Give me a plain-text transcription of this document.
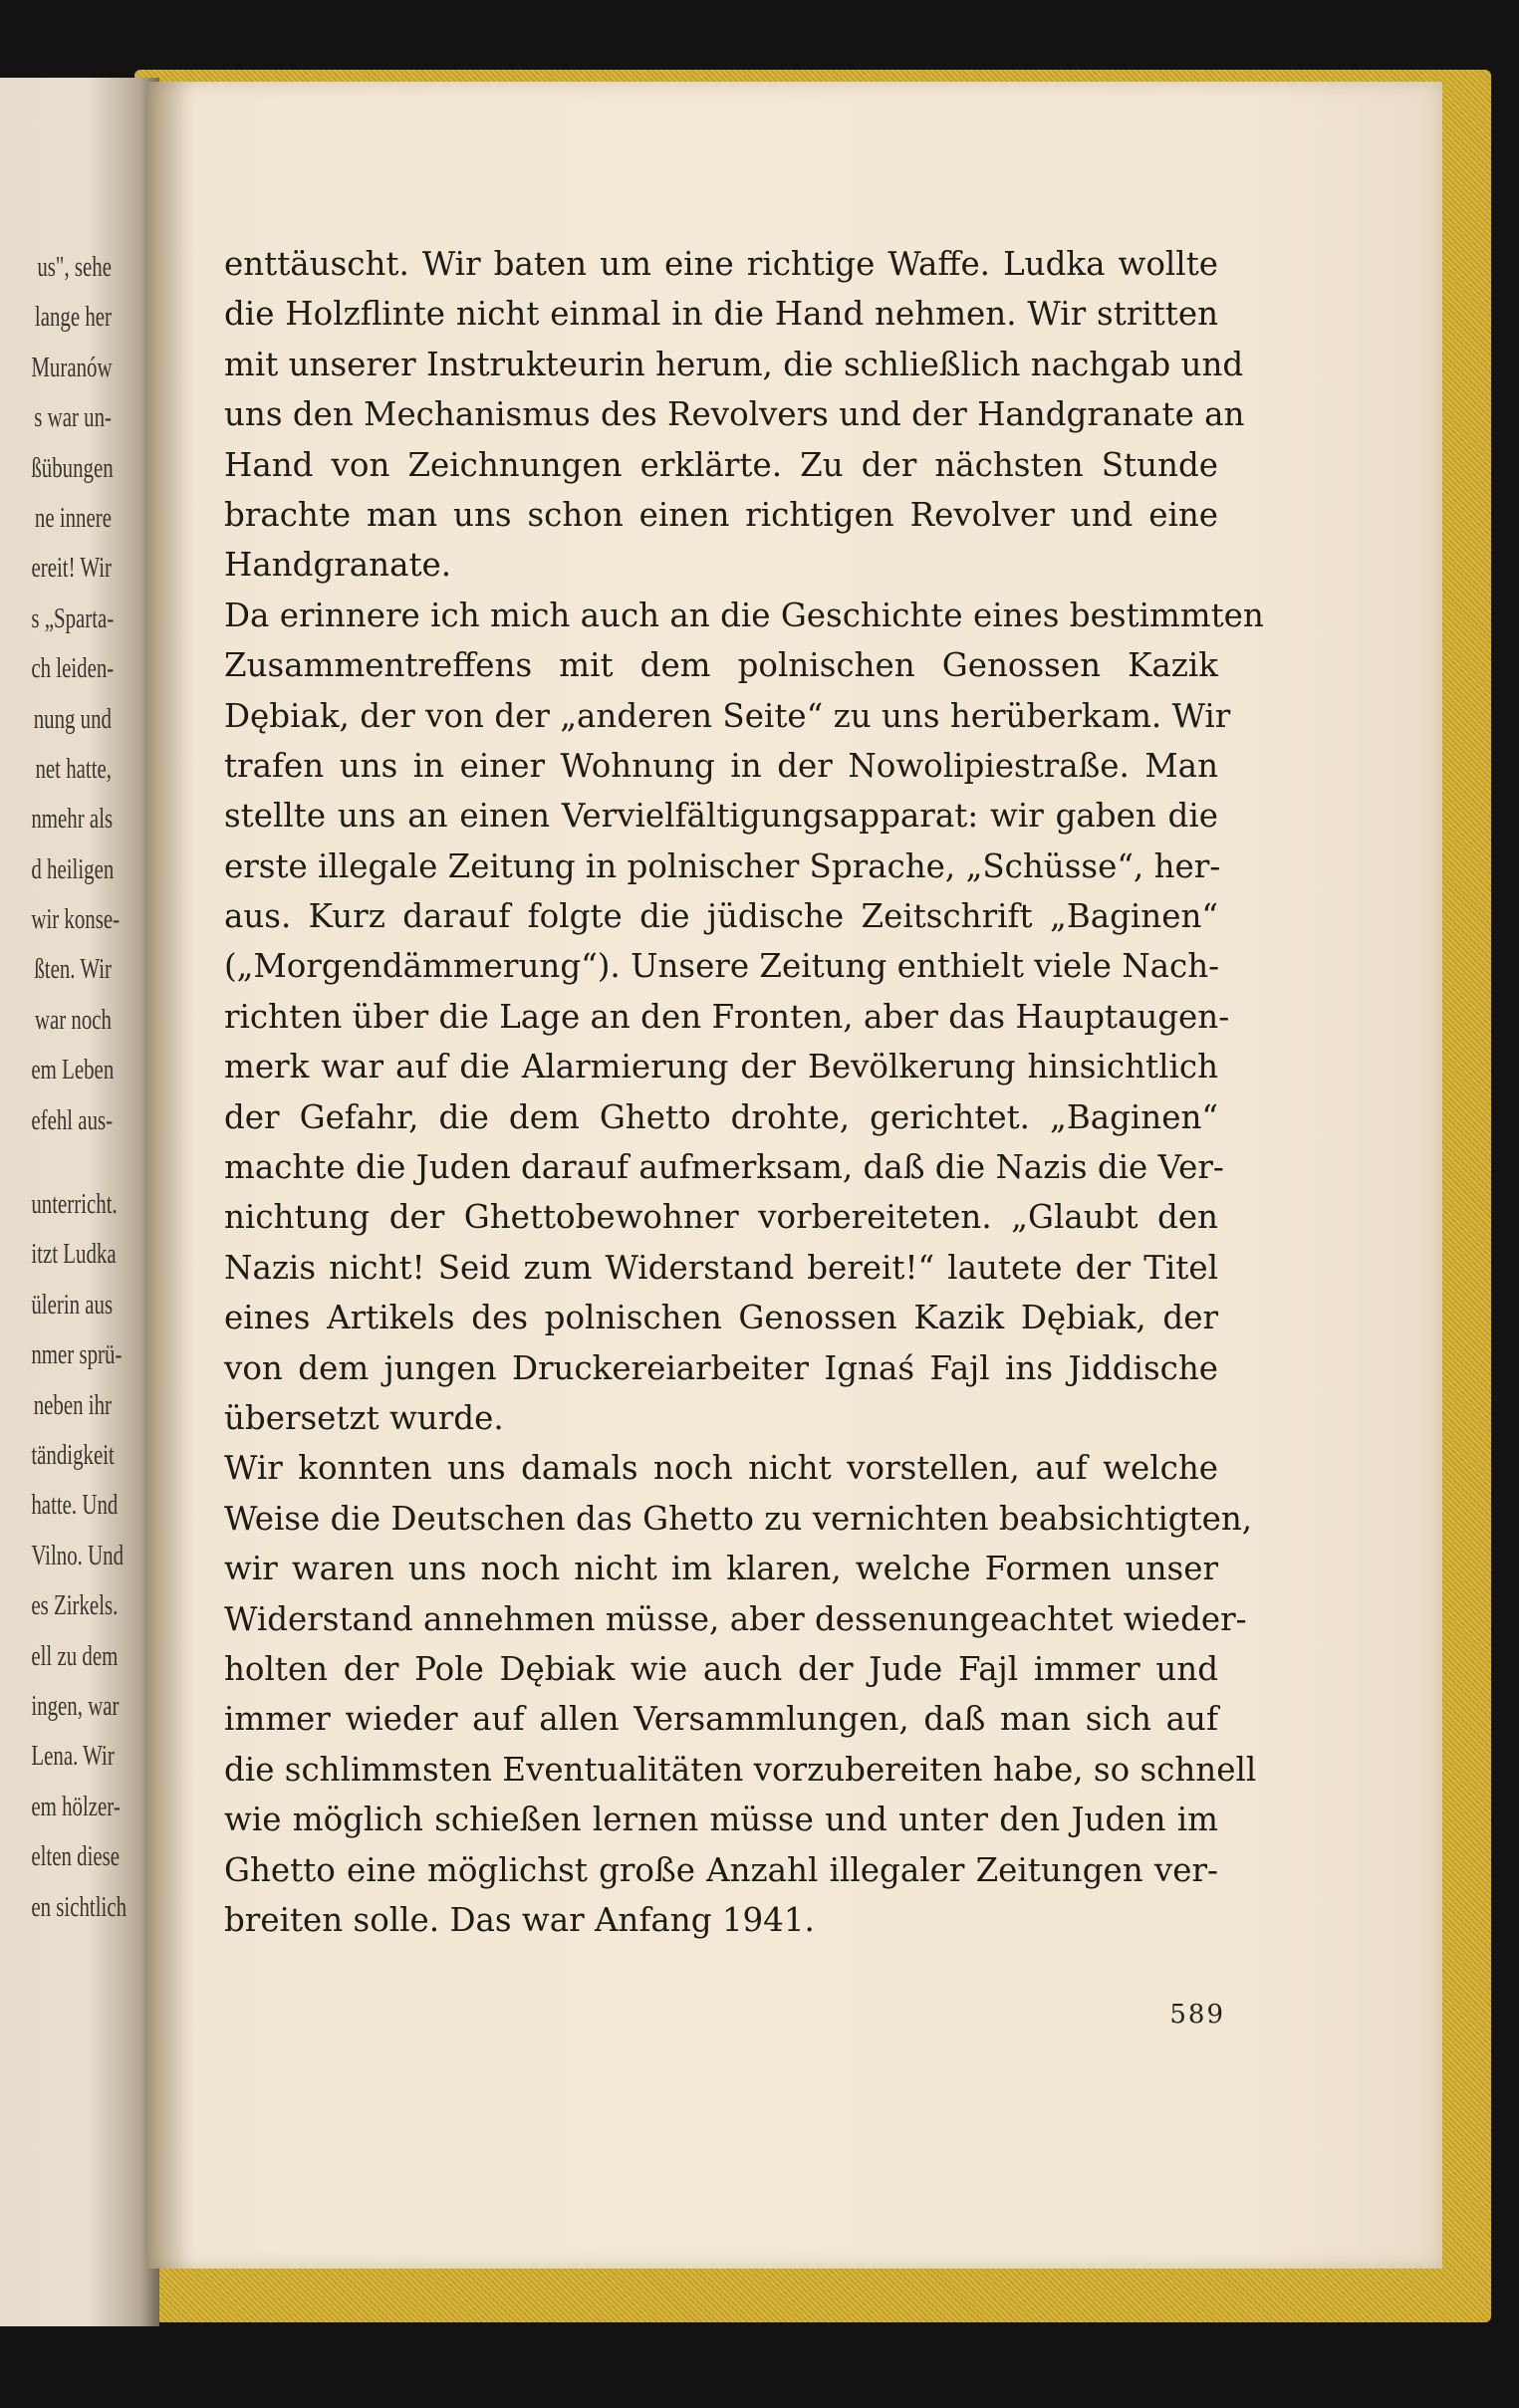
us", sehe
lange her
Muranów
s war un-
ßübungen
ne innere
ereit! Wir
s „Sparta-
ch leiden-
nung und
net hatte,
nmehr als
d heiligen
wir konse-
ßten. Wir
war noch
em Leben
efehl aus-
unterricht.
itzt Ludka
ülerin aus
nmer sprü-
neben ihr
tändigkeit
hatte. Und
Vilno. Und
es Zirkels.
ell zu dem
ingen, war
Lena. Wir
em hölzer-
elten diese
en sichtlich
enttäuscht. Wir baten um eine richtige Waffe. Ludka wollte
die Holzflinte nicht einmal in die Hand nehmen. Wir stritten
mit unserer Instrukteurin herum, die schließlich nachgab und
uns den Mechanismus des Revolvers und der Handgranate an
Hand von Zeichnungen erklärte. Zu der nächsten Stunde
brachte man uns schon einen richtigen Revolver und eine
Handgranate.
Da erinnere ich mich auch an die Geschichte eines bestimmten
Zusammentreffens mit dem polnischen Genossen Kazik
Dębiak, der von der „anderen Seite“ zu uns herüberkam. Wir
trafen uns in einer Wohnung in der Nowolipiestraße. Man
stellte uns an einen Vervielfältigungsapparat: wir gaben die
erste illegale Zeitung in polnischer Sprache, „Schüsse“, her-
aus. Kurz darauf folgte die jüdische Zeitschrift „Baginen“
(„Morgendämmerung“). Unsere Zeitung enthielt viele Nach-
richten über die Lage an den Fronten, aber das Hauptaugen-
merk war auf die Alarmierung der Bevölkerung hinsichtlich
der Gefahr, die dem Ghetto drohte, gerichtet. „Baginen“
machte die Juden darauf aufmerksam, daß die Nazis die Ver-
nichtung der Ghettobewohner vorbereiteten. „Glaubt den
Nazis nicht! Seid zum Widerstand bereit!“ lautete der Titel
eines Artikels des polnischen Genossen Kazik Dębiak, der
von dem jungen Druckereiarbeiter Ignaś Fajl ins Jiddische
übersetzt wurde.
Wir konnten uns damals noch nicht vorstellen, auf welche
Weise die Deutschen das Ghetto zu vernichten beabsichtigten,
wir waren uns noch nicht im klaren, welche Formen unser
Widerstand annehmen müsse, aber dessenungeachtet wieder-
holten der Pole Dębiak wie auch der Jude Fajl immer und
immer wieder auf allen Versammlungen, daß man sich auf
die schlimmsten Eventualitäten vorzubereiten habe, so schnell
wie möglich schießen lernen müsse und unter den Juden im
Ghetto eine möglichst große Anzahl illegaler Zeitungen ver-
breiten solle. Das war Anfang 1941.
589
